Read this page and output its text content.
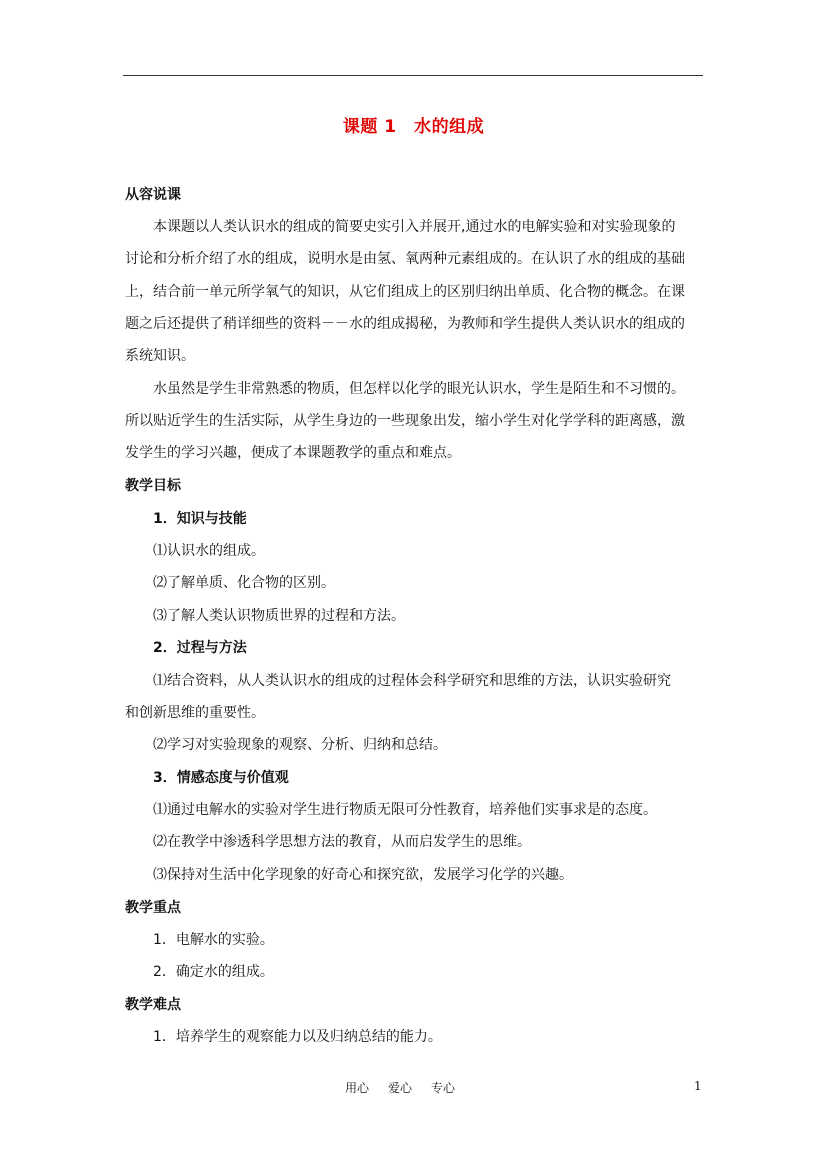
课题 1　水的组成
从容说课
本课题以人类认识水的组成的简要史实引入并展开,通过水的电解实验和对实验现象的
讨论和分析介绍了水的组成，说明水是由氢、氧两种元素组成的。在认识了水的组成的基础
上，结合前一单元所学氧气的知识，从它们组成上的区别归纳出单质、化合物的概念。在课
题之后还提供了稍详细些的资料－－水的组成揭秘，为教师和学生提供人类认识水的组成的
系统知识。
水虽然是学生非常熟悉的物质，但怎样以化学的眼光认识水，学生是陌生和不习惯的。
所以贴近学生的生活实际，从学生身边的一些现象出发，缩小学生对化学学科的距离感，激
发学生的学习兴趣，便成了本课题教学的重点和难点。
教学目标
1．知识与技能
⑴认识水的组成。
⑵了解单质、化合物的区别。
⑶了解人类认识物质世界的过程和方法。
2．过程与方法
⑴结合资料，从人类认识水的组成的过程体会科学研究和思维的方法，认识实验研究
和创新思维的重要性。
⑵学习对实验现象的观察、分析、归纳和总结。
3．情感态度与价值观
⑴通过电解水的实验对学生进行物质无限可分性教育，培养他们实事求是的态度。
⑵在教学中渗透科学思想方法的教育，从而启发学生的思维。
⑶保持对生活中化学现象的好奇心和探究欲，发展学习化学的兴趣。
教学重点
1．电解水的实验。
2．确定水的组成。
教学难点
1．培养学生的观察能力以及归纳总结的能力。
用心 爱心 专心	1
